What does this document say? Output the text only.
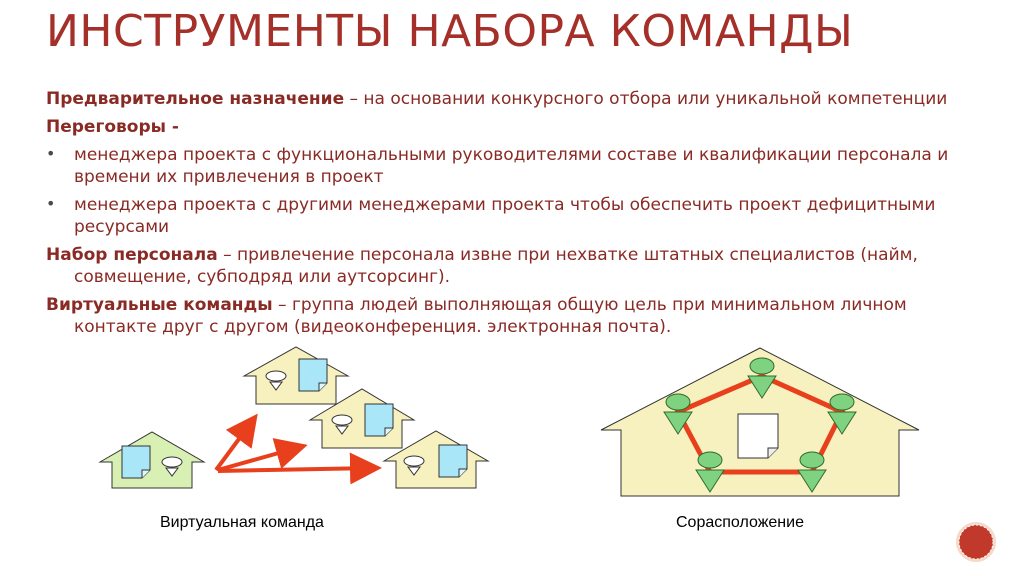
ИНСТРУМЕНТЫ НАБОРА КОМАНДЫ

Предварительное назначение – на основании конкурсного отбора или уникальной компетенции

Переговоры -

• менеджера проекта с функциональными руководителями составе и квалификации персонала и времени их привлечения в проект
• менеджера проекта с другими менеджерами проекта чтобы обеспечить проект дефицитными ресурсами

Набор персонала – привлечение персонала извне при нехватке штатных специалистов (найм, совмещение, субподряд или аутсорсинг).

Виртуальные команды – группа людей выполняющая общую цель при минимальном личном контакте друг с другом (видеоконференция. электронная почта).

Виртуальная команда	Сорасположение
